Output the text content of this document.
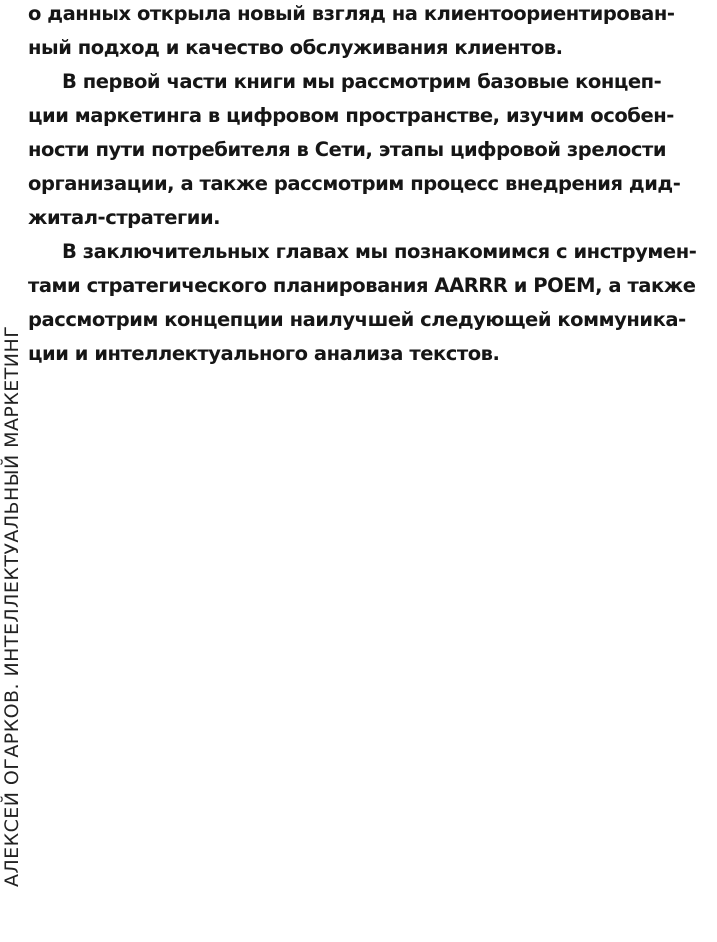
о данных открыла новый взгляд на клиентоориентирован-
ный подход и качество обслуживания клиентов.
В первой части книги мы рассмотрим базовые концеп-
ции маркетинга в цифровом пространстве, изучим особен-
ности пути потребителя в Сети, этапы цифровой зрелости
организации, а также рассмотрим процесс внедрения дид-
житал-стратегии.
В заключительных главах мы познакомимся с инструмен-
тами стратегического планирования AARRR и POEM, а также
рассмотрим концепции наилучшей следующей коммуника-
ции и интеллектуального анализа текстов.
АЛЕКСЕЙ ОГАРКОВ. ИНТЕЛЛЕКТУАЛЬНЫЙ МАРКЕТИНГ
